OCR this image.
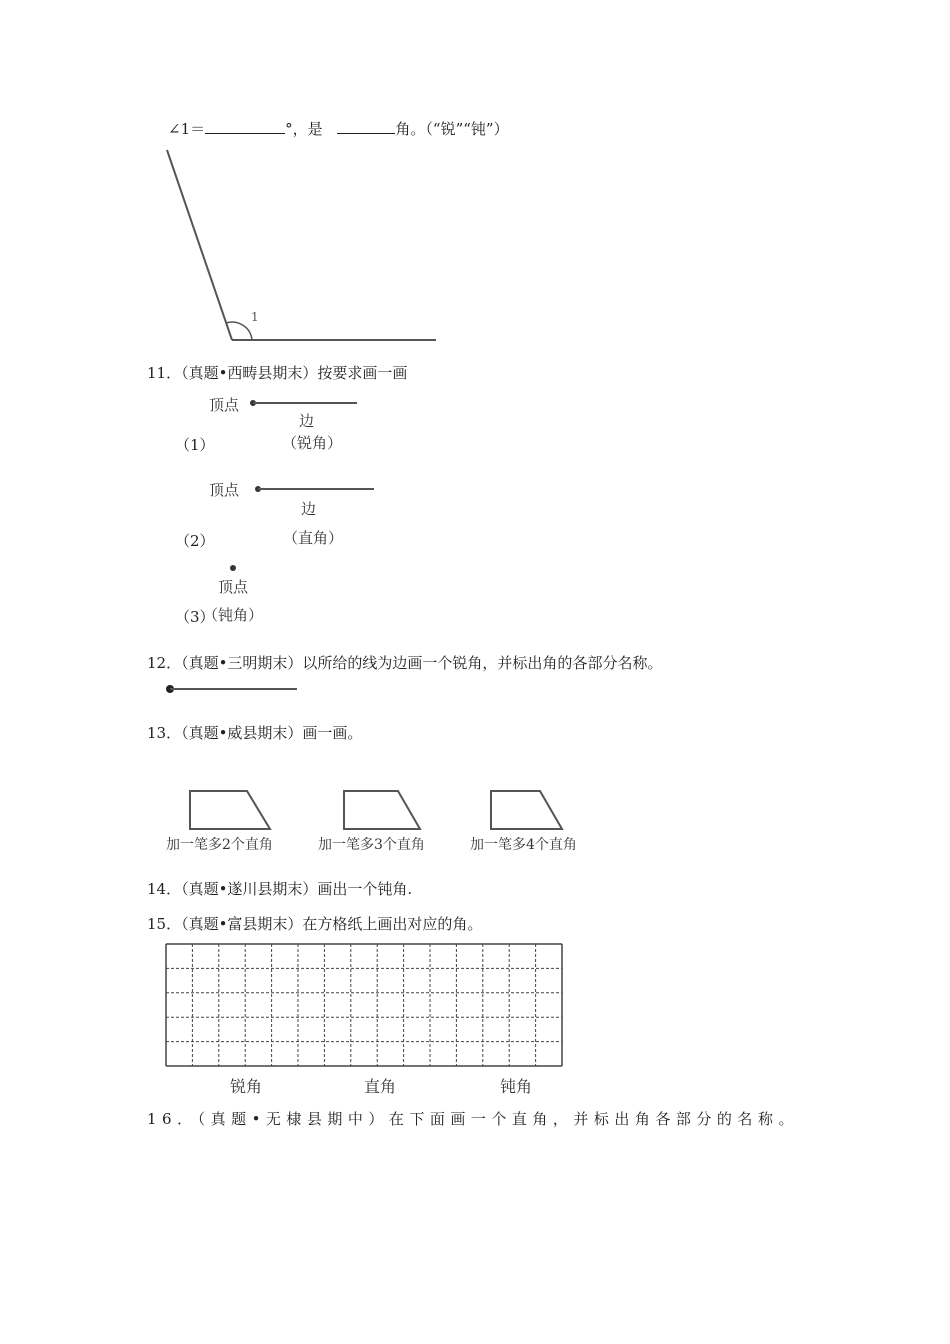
∠1＝	°，是	角。（“锐”“钝”）
1
11．（真题•西畴县期末）按要求画一画
顶点
边
（锐角）
（1）
顶点
边
（2）	（直角）
顶点
（3）
（钝角）
12．（真题•三明期末）以所给的线为边画一个锐角，并标出角的各部分名称。
13．（真题•威县期末）画一画。
加一笔多2个直角	加一笔多3个直角	加一笔多4个直角
14．（真题•遂川县期末）画出一个钝角.
15．（真题•富县期末）在方格纸上画出对应的角。
锐角	直角	钝角
16．（真题•无棣县期中）在下面画一个直角，并标出角各部分的名称。
